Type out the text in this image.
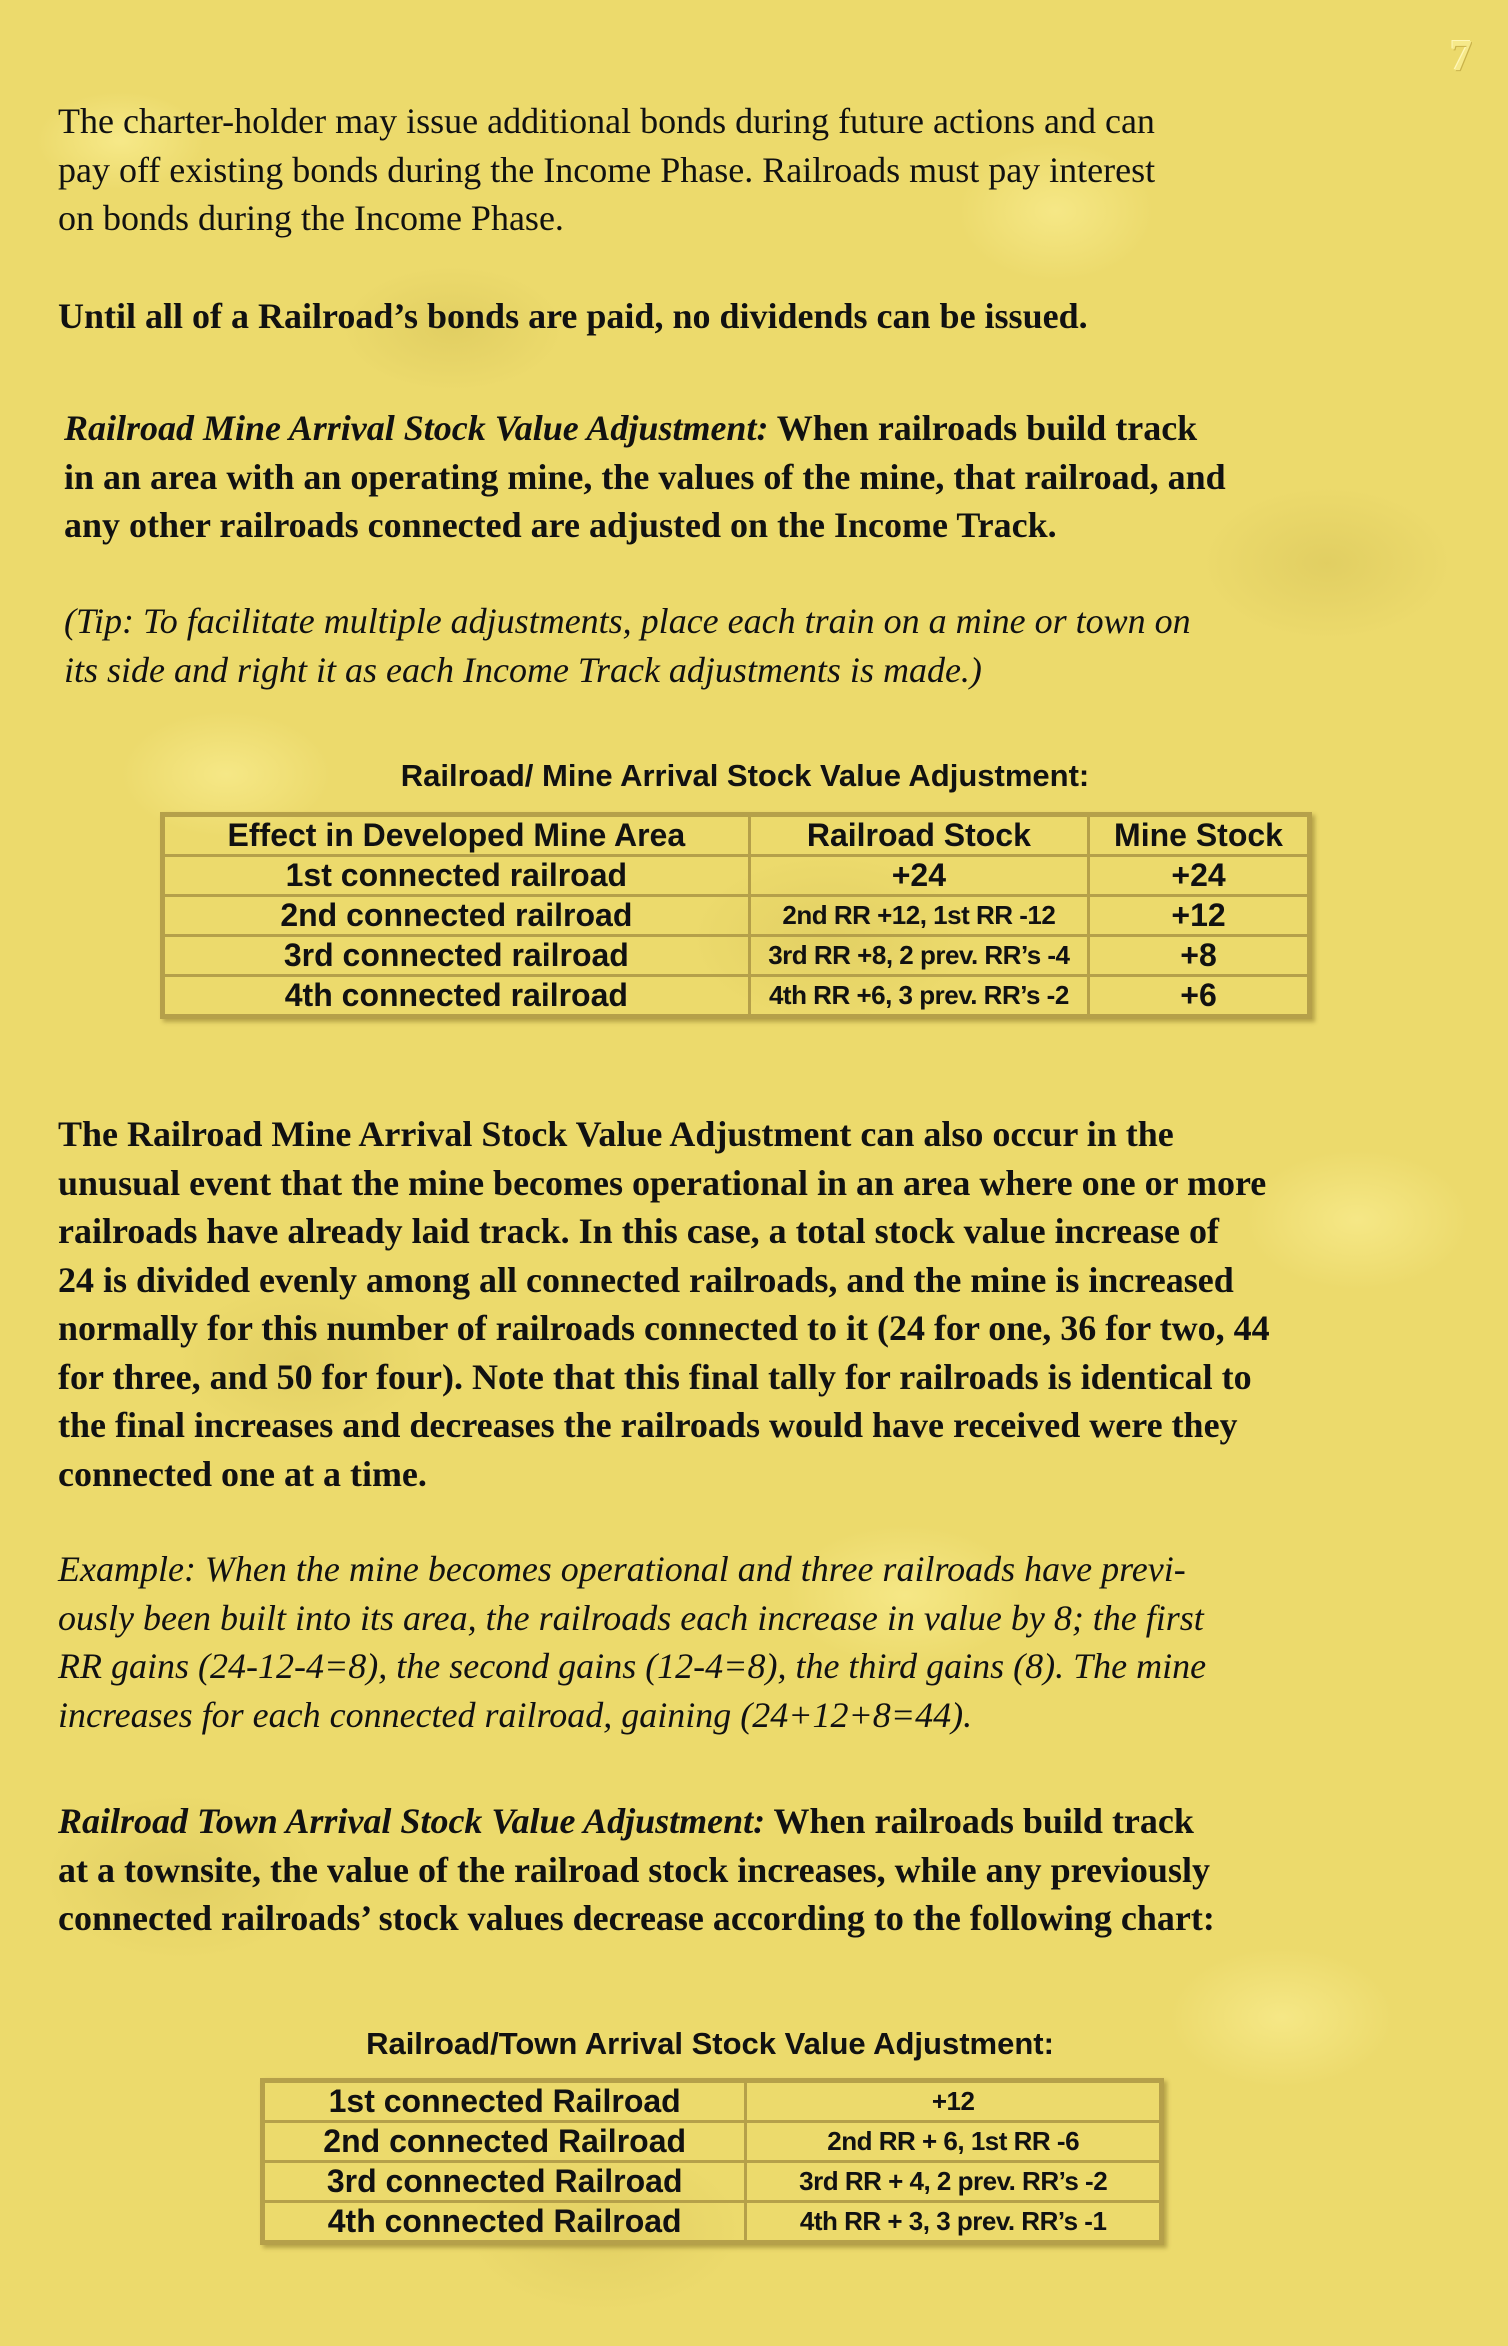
7

The charter-holder may issue additional bonds during future actions and can
pay off existing bonds during the Income Phase. Railroads must pay interest
on bonds during the Income Phase.

Until all of a Railroad’s bonds are paid, no dividends can be issued.

Railroad Mine Arrival Stock Value Adjustment: When railroads build track
in an area with an operating mine, the values of the mine, that railroad, and
any other railroads connected are adjusted on the Income Track.

(Tip: To facilitate multiple adjustments, place each train on a mine or town on
its side and right it as each Income Track adjustments is made.)

Railroad/ Mine Arrival Stock Value Adjustment:

Effect in Developed Mine Area	Railroad Stock	Mine Stock
1st connected railroad	+24	+24
2nd connected railroad	2nd RR +12, 1st RR -12	+12
3rd connected railroad	3rd RR +8, 2 prev. RR’s -4	+8
4th connected railroad	4th RR +6, 3 prev. RR’s -2	+6

The Railroad Mine Arrival Stock Value Adjustment can also occur in the
unusual event that the mine becomes operational in an area where one or more
railroads have already laid track. In this case, a total stock value increase of
24 is divided evenly among all connected railroads, and the mine is increased
normally for this number of railroads connected to it (24 for one, 36 for two, 44
for three, and 50 for four). Note that this final tally for railroads is identical to
the final increases and decreases the railroads would have received were they
connected one at a time.

Example: When the mine becomes operational and three railroads have previ-
ously been built into its area, the railroads each increase in value by 8; the first
RR gains (24-12-4=8), the second gains (12-4=8), the third gains (8). The mine
increases for each connected railroad, gaining (24+12+8=44).

Railroad Town Arrival Stock Value Adjustment: When railroads build track
at a townsite, the value of the railroad stock increases, while any previously
connected railroads’ stock values decrease according to the following chart:

Railroad/Town Arrival Stock Value Adjustment:

1st connected Railroad	+12
2nd connected Railroad	2nd RR + 6, 1st RR -6
3rd connected Railroad	3rd RR + 4, 2 prev. RR’s -2
4th connected Railroad	4th RR + 3, 3 prev. RR’s -1
